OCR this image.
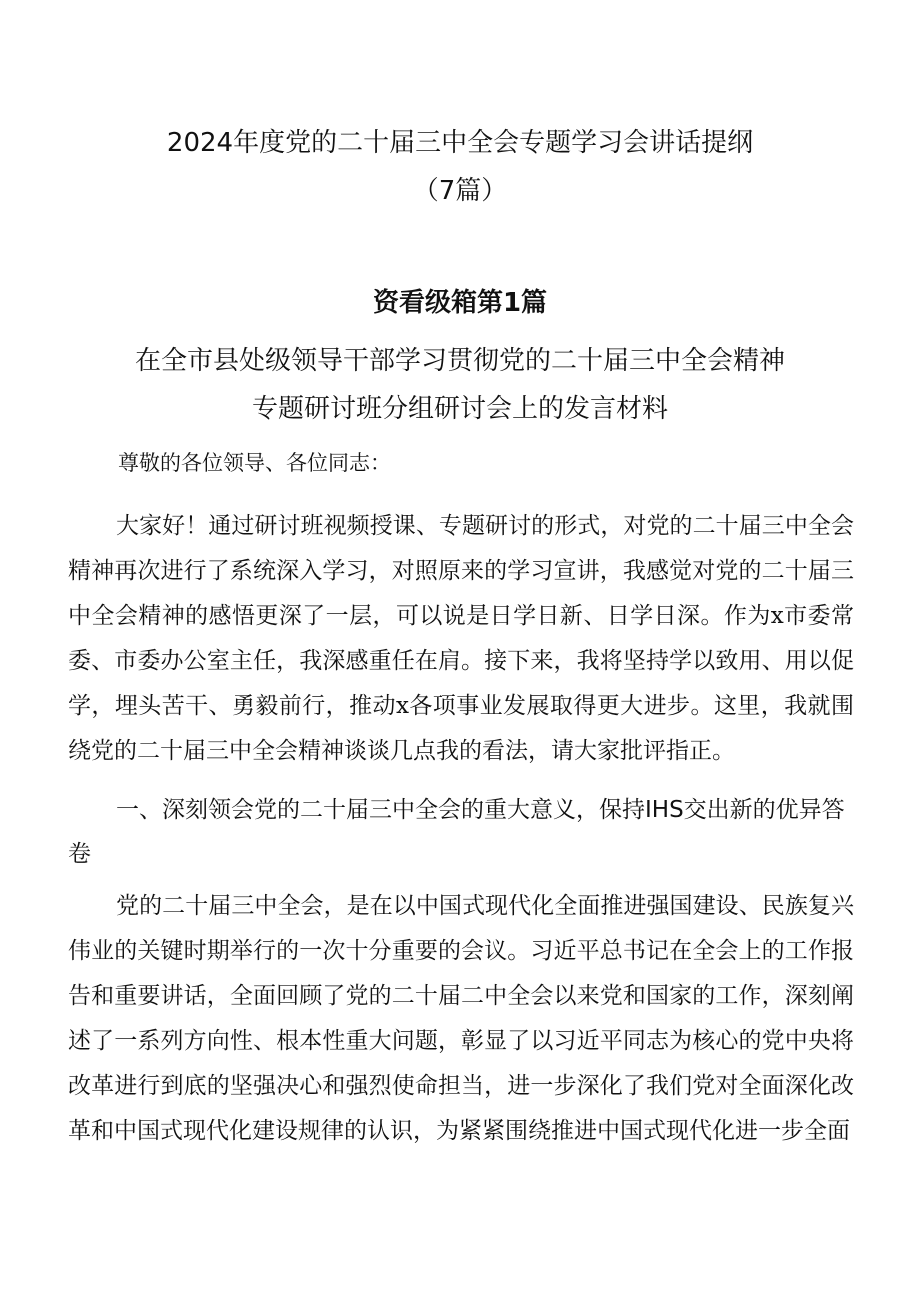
2024年度党的二十届三中全会专题学习会讲话提纲
（7篇）
资看级箱第1篇
在全市县处级领导干部学习贯彻党的二十届三中全会精神
专题研讨班分组研讨会上的发言材料

尊敬的各位领导、各位同志：

大家好！通过研讨班视频授课、专题研讨的形式，对党的二十届三中全会精神再次进行了系统深入学习，对照原来的学习宣讲，我感觉对党的二十届三中全会精神的感悟更深了一层，可以说是日学日新、日学日深。作为x市委常委、市委办公室主任，我深感重任在肩。接下来，我将坚持学以致用、用以促学，埋头苦干、勇毅前行，推动x各项事业发展取得更大进步。这里，我就围绕党的二十届三中全会精神谈谈几点我的看法，请大家批评指正。

一、深刻领会党的二十届三中全会的重大意义，保持IHS交出新的优异答卷

党的二十届三中全会，是在以中国式现代化全面推进强国建设、民族复兴伟业的关键时期举行的一次十分重要的会议。习近平总书记在全会上的工作报告和重要讲话，全面回顾了党的二十届二中全会以来党和国家的工作，深刻阐述了一系列方向性、根本性重大问题，彰显了以习近平同志为核心的党中央将改革进行到底的坚强决心和强烈使命担当，进一步深化了我们党对全面深化改革和中国式现代化建设规律的认识，为紧紧围绕推进中国式现代化进一步全面
